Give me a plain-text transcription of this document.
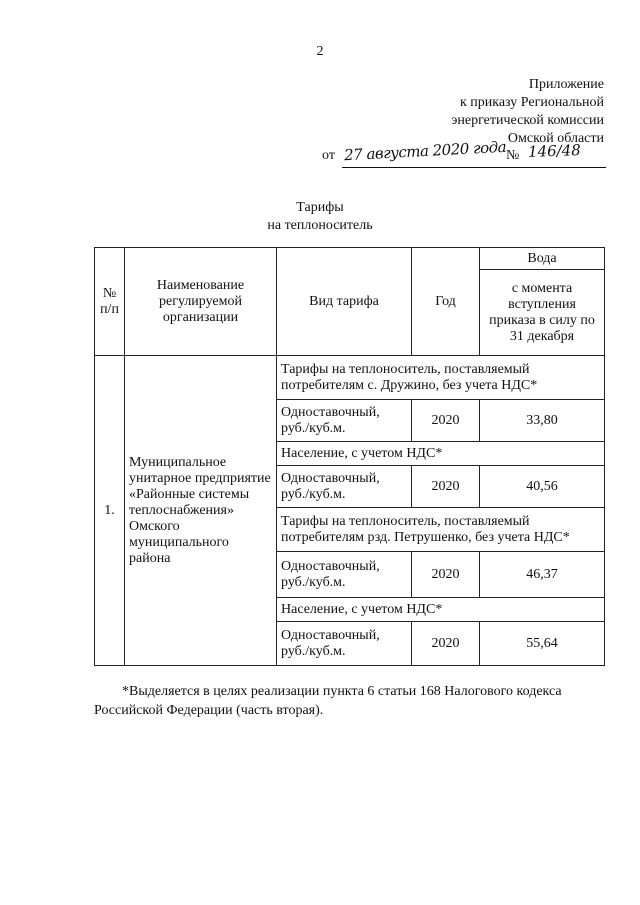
2
Приложение
к приказу Региональной
энергетической комиссии
Омской области
от 27 августа 2020 года № 146/48
Тарифы
на теплоноситель
№ п/п	Наименование регулируемой организации	Вид тарифа	Год	Вода
				с момента вступления приказа в силу по 31 декабря
1.	Муниципальное унитарное предприятие «Районные системы теплоснабжения» Омского муниципального района	Тарифы на теплоноситель, поставляемый потребителям с. Дружино, без учета НДС*		
		Одноставочный, руб./куб.м.	2020	33,80
		Население, с учетом НДС*		
		Одноставочный, руб./куб.м.	2020	40,56
		Тарифы на теплоноситель, поставляемый потребителям рзд. Петрушенко, без учета НДС*		
		Одноставочный, руб./куб.м.	2020	46,37
		Население, с учетом НДС*		
		Одноставочный, руб./куб.м.	2020	55,64
*Выделяется в целях реализации пункта 6 статьи 168 Налогового кодекса Российской Федерации (часть вторая).
